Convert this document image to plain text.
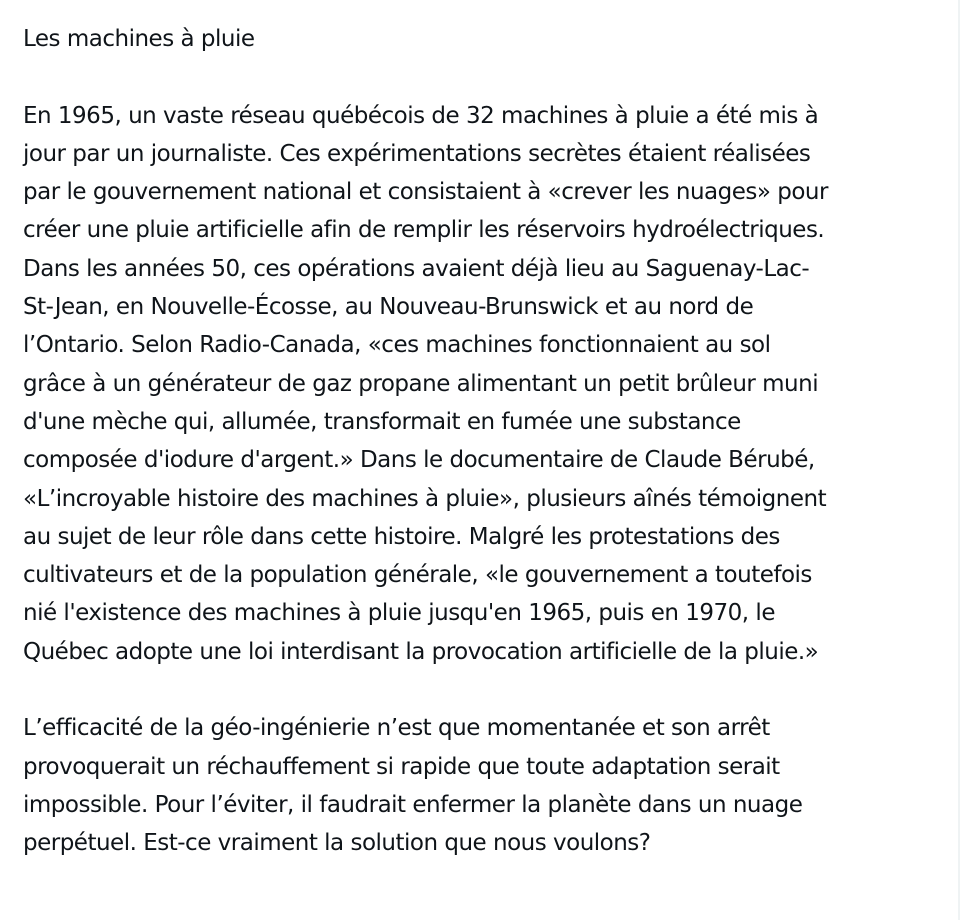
Les machines à pluie

En 1965, un vaste réseau québécois de 32 machines à pluie a été mis à
jour par un journaliste. Ces expérimentations secrètes étaient réalisées
par le gouvernement national et consistaient à «crever les nuages» pour
créer une pluie artificielle afin de remplir les réservoirs hydroélectriques.
Dans les années 50, ces opérations avaient déjà lieu au Saguenay-Lac-
St-Jean, en Nouvelle-Écosse, au Nouveau-Brunswick et au nord de
l’Ontario. Selon Radio-Canada, «ces machines fonctionnaient au sol
grâce à un générateur de gaz propane alimentant un petit brûleur muni
d'une mèche qui, allumée, transformait en fumée une substance
composée d'iodure d'argent.» Dans le documentaire de Claude Bérubé,
«L’incroyable histoire des machines à pluie», plusieurs aînés témoignent
au sujet de leur rôle dans cette histoire. Malgré les protestations des
cultivateurs et de la population générale, «le gouvernement a toutefois
nié l'existence des machines à pluie jusqu'en 1965, puis en 1970, le
Québec adopte une loi interdisant la provocation artificielle de la pluie.»

L’efficacité de la géo-ingénierie n’est que momentanée et son arrêt
provoquerait un réchauffement si rapide que toute adaptation serait
impossible. Pour l’éviter, il faudrait enfermer la planète dans un nuage
perpétuel. Est-ce vraiment la solution que nous voulons?
